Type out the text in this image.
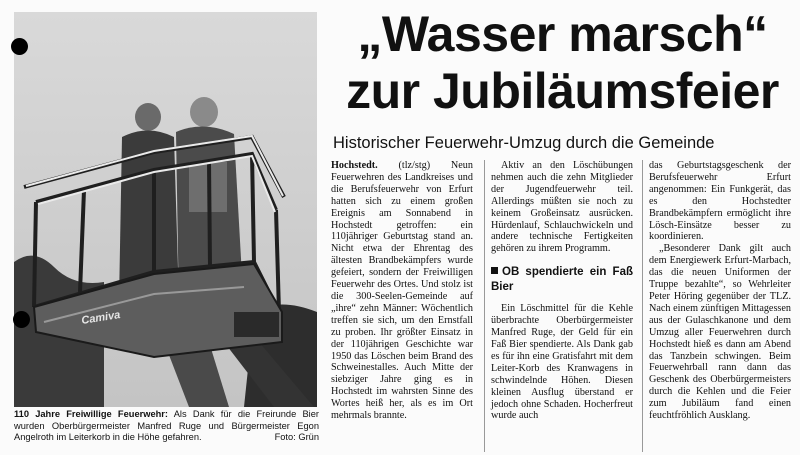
Camiva
110 Jahre Freiwillige Feuerwehr: Als Dank für die Freirunde Bier wurden Oberbürgermeister Manfred Ruge und Bürgermeister Egon Angelroth im Leiterkorb in die Höhe gefahren.	Foto: Grün
„Wasser marsch“
zur Jubiläumsfeier
Historischer Feuerwehr-Umzug durch die Gemeinde

Hochstedt. (tlz/stg) Neun Feuerwehren des Landkreises und die Berufsfeuerwehr von Erfurt hatten sich zu einem großen Ereignis am Sonnabend in Hochstedt getroffen: ein 110jähriger Geburtstag stand an. Nicht etwa der Ehrentag des ältesten Brandbekämpfers wurde gefeiert, sondern der Freiwilligen Feuerwehr des Ortes. Und stolz ist die 300-Seelen-Gemeinde auf „ihre“ zehn Männer: Wöchentlich treffen sie sich, um den Ernstfall zu proben. Ihr größter Einsatz in der 110jährigen Geschichte war 1950 das Löschen beim Brand des Schweinestalles. Auch Mitte der siebziger Jahre ging es in Hochstedt im wahrsten Sinne des Wortes heiß her, als es im Ort mehrmals brannte.

Aktiv an den Löschübungen nehmen auch die zehn Mitglieder der Jugendfeuerwehr teil. Allerdings müßten sie noch zu keinem Großeinsatz ausrücken. Hürdenlauf, Schlauchwickeln und andere technische Fertigkeiten gehören zu ihrem Programm.

OB spendierte ein Faß Bier

Ein Löschmittel für die Kehle überbrachte Oberbürgermeister Manfred Ruge, der Geld für ein Faß Bier spendierte. Als Dank gab es für ihn eine Gratisfahrt mit dem Leiter-Korb des Kranwagens in schwindelnde Höhen. Diesen kleinen Ausflug überstand er jedoch ohne Schaden. Hocherfreut wurde auch

das Geburtstagsgeschenk der Berufsfeuerwehr Erfurt angenommen: Ein Funkgerät, das es den Hochstedter Brandbekämpfern ermöglicht ihre Lösch-Einsätze besser zu koordinieren.

„Besonderer Dank gilt auch dem Energiewerk Erfurt-Marbach, das die neuen Uniformen der Truppe bezahlte“, so Wehrleiter Peter Höring gegenüber der TLZ. Nach einem zünftigen Mittagessen aus der Gulaschkanone und dem Umzug aller Feuerwehren durch Hochstedt hieß es dann am Abend das Tanzbein schwingen. Beim Feuerwehrball rann dann das Geschenk des Oberbürgermeisters durch die Kehlen und die Feier zum Jubiläum fand einen feuchtfröhlich Ausklang.
